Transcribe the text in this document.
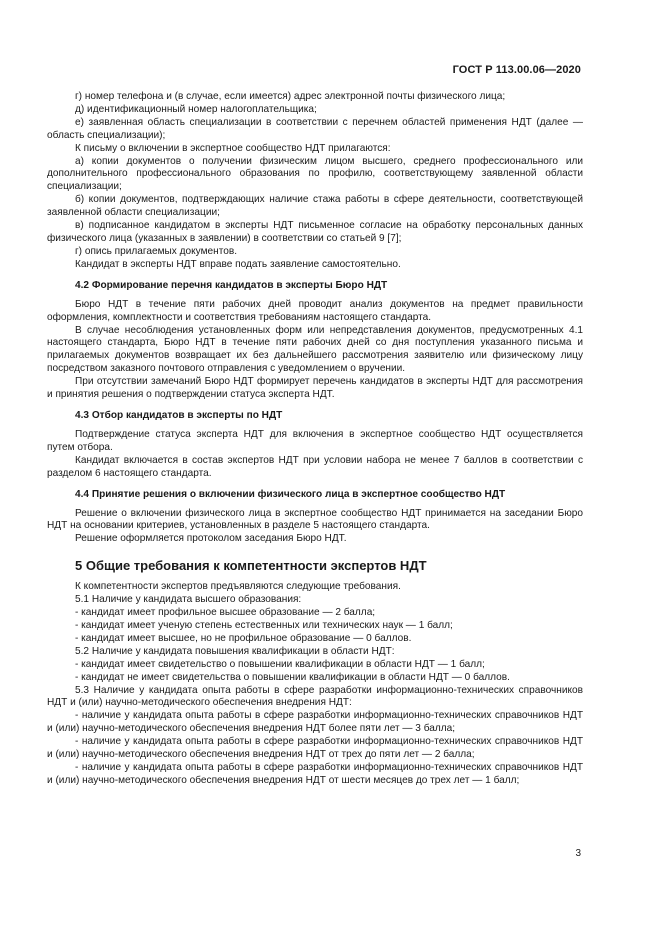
ГОСТ Р 113.00.06—2020
г) номер телефона и (в случае, если имеется) адрес электронной почты физического лица;
д) идентификационный номер налогоплательщика;
е) заявленная область специализации в соответствии с перечнем областей применения НДТ (далее — область специализации);
К письму о включении в экспертное сообщество НДТ прилагаются:
а) копии документов о получении физическим лицом высшего, среднего профессионального или дополнительного профессионального образования по профилю, соответствующему заявленной области специализации;
б) копии документов, подтверждающих наличие стажа работы в сфере деятельности, соответствующей заявленной области специализации;
в) подписанное кандидатом в эксперты НДТ письменное согласие на обработку персональных данных физического лица (указанных в заявлении) в соответствии со статьей 9 [7];
г) опись прилагаемых документов.
Кандидат в эксперты НДТ вправе подать заявление самостоятельно.
4.2 Формирование перечня кандидатов в эксперты Бюро НДТ
Бюро НДТ в течение пяти рабочих дней проводит анализ документов на предмет правильности оформления, комплектности и соответствия требованиям настоящего стандарта.
В случае несоблюдения установленных форм или непредставления документов, предусмотренных 4.1 настоящего стандарта, Бюро НДТ в течение пяти рабочих дней со дня поступления указанного письма и прилагаемых документов возвращает их без дальнейшего рассмотрения заявителю или физическому лицу посредством заказного почтового отправления с уведомлением о вручении.
При отсутствии замечаний Бюро НДТ формирует перечень кандидатов в эксперты НДТ для рассмотрения и принятия решения о подтверждении статуса эксперта НДТ.
4.3 Отбор кандидатов в эксперты по НДТ
Подтверждение статуса эксперта НДТ для включения в экспертное сообщество НДТ осуществляется путем отбора.
Кандидат включается в состав экспертов НДТ при условии набора не менее 7 баллов в соответствии с разделом 6 настоящего стандарта.
4.4 Принятие решения о включении физического лица в экспертное сообщество НДТ
Решение о включении физического лица в экспертное сообщество НДТ принимается на заседании Бюро НДТ на основании критериев, установленных в разделе 5 настоящего стандарта.
Решение оформляется протоколом заседания Бюро НДТ.
5 Общие требования к компетентности экспертов НДТ
К компетентности экспертов предъявляются следующие требования.
5.1 Наличие у кандидата высшего образования:
- кандидат имеет профильное высшее образование — 2 балла;
- кандидат имеет ученую степень естественных или технических наук — 1 балл;
- кандидат имеет высшее, но не профильное образование — 0 баллов.
5.2 Наличие у кандидата повышения квалификации в области НДТ:
- кандидат имеет свидетельство о повышении квалификации в области НДТ — 1 балл;
- кандидат не имеет свидетельства о повышении квалификации в области НДТ — 0 баллов.
5.3 Наличие у кандидата опыта работы в сфере разработки информационно-технических справочников НДТ и (или) научно-методического обеспечения внедрения НДТ:
- наличие у кандидата опыта работы в сфере разработки информационно-технических справочников НДТ и (или) научно-методического обеспечения внедрения НДТ более пяти лет — 3 балла;
- наличие у кандидата опыта работы в сфере разработки информационно-технических справочников НДТ и (или) научно-методического обеспечения внедрения НДТ от трех до пяти лет — 2 балла;
- наличие у кандидата опыта работы в сфере разработки информационно-технических справочников НДТ и (или) научно-методического обеспечения внедрения НДТ от шести месяцев до трех лет — 1 балл;
3
